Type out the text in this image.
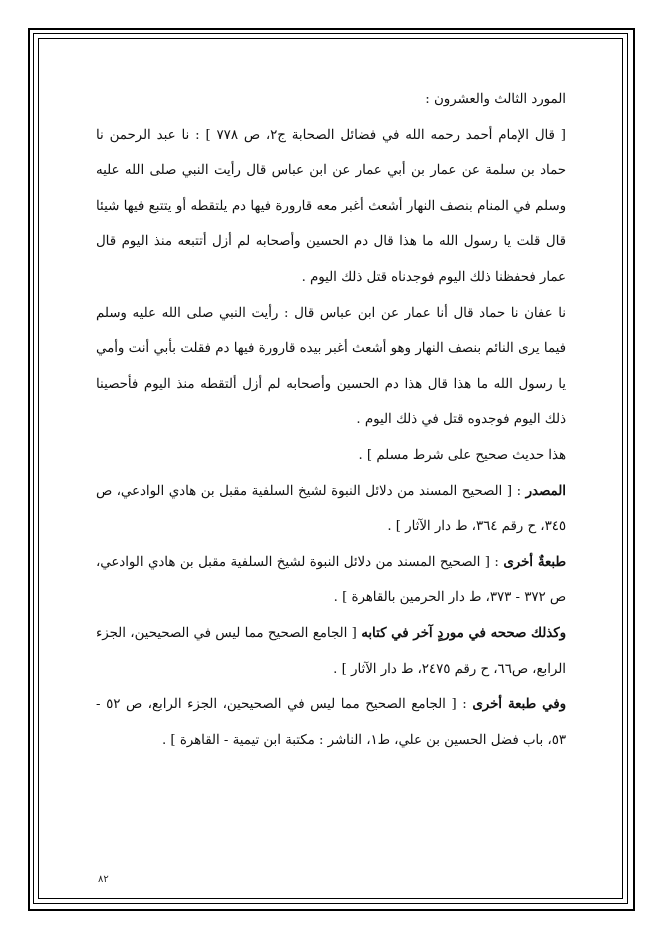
المورد الثالث والعشرون :

[ قال الإمام أحمد رحمه الله في فضائل الصحابة ج٢، ص ٧٧٨ ] : نا عبد الرحمن نا حماد بن سلمة عن عمار بن أبي عمار عن ابن عباس قال رأيت النبي صلى الله عليه وسلم في المنام بنصف النهار أشعث أغبر معه قارورة فيها دم يلتقطه أو يتتبع فيها شيئا قال قلت يا رسول الله ما هذا قال دم الحسين وأصحابه لم أزل أتتبعه منذ اليوم قال عمار فحفظنا ذلك اليوم فوجدناه قتل ذلك اليوم .

نا عفان نا حماد قال أنا عمار عن ابن عباس قال : رأيت النبي صلى الله عليه وسلم فيما يرى النائم بنصف النهار وهو أشعث أغبر بيده قارورة فيها دم فقلت بأبي أنت وأمي يا رسول الله ما هذا قال هذا دم الحسين وأصحابه لم أزل ألتقطه منذ اليوم فأحصينا ذلك اليوم فوجدوه قتل في ذلك اليوم .

هذا حديث صحيح على شرط مسلم ] .

المصدر : [ الصحيح المسند من دلائل النبوة لشيخ السلفية مقبل بن هادي الوادعي، ص ٣٤٥، ح رقم ٣٦٤، ط دار الآثار ] .

طبعةٌ أخرى : [ الصحيح المسند من دلائل النبوة لشيخ السلفية مقبل بن هادي الوادعي، ص ٣٧٢ - ٣٧٣، ط دار الحرمين بالقاهرة ] .

وكذلك صححه في موردٍ آخر في كتابه [ الجامع الصحيح مما ليس في الصحيحين، الجزء الرابع، ص٦٦، ح رقم ٢٤٧٥، ط دار الآثار ] .

وفي طبعة أخرى : [ الجامع الصحيح مما ليس في الصحيحين، الجزء الرابع، ص ٥٢ - ٥٣، باب فضل الحسين بن علي، ط١، الناشر : مكتبة ابن تيمية - القاهرة ] .

٨٢
